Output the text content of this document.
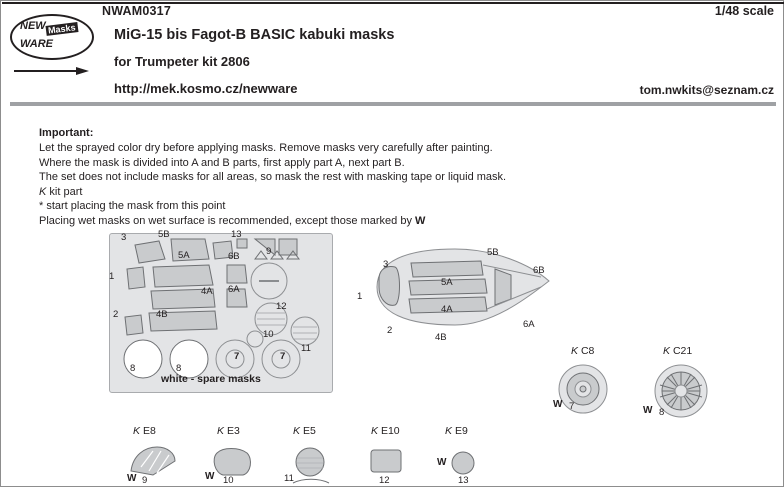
NEW Masks
WARE
NWAM0317	1/48 scale
MiG-15 bis Fagot-B BASIC kabuki masks
for Trumpeter kit 2806
http://mek.kosmo.cz/newware	tom.nwkits@seznam.cz
Important:
Let the sprayed color dry before applying masks. Remove masks very carefully after painting.
Where the mask is divided into A and B parts, first apply part A, next part B.
The set does not include masks for all areas, so mask the rest with masking tape or liquid mask.
K kit part
* start placing the mask from this point
Placing wet masks on wet surface is recommended, except those marked by W
3	5B	13
9
5A	6B
1
4A 6A
12
4B
2
10
8
7	7
8
11
white - spare masks
3
5B
6B
5A
1
4A
2
4B
6A
K C8
W 7
K C21
W 8
K E8
W 9
K E3
W 10
K E5
11
K E10
12
K E9
W
13
